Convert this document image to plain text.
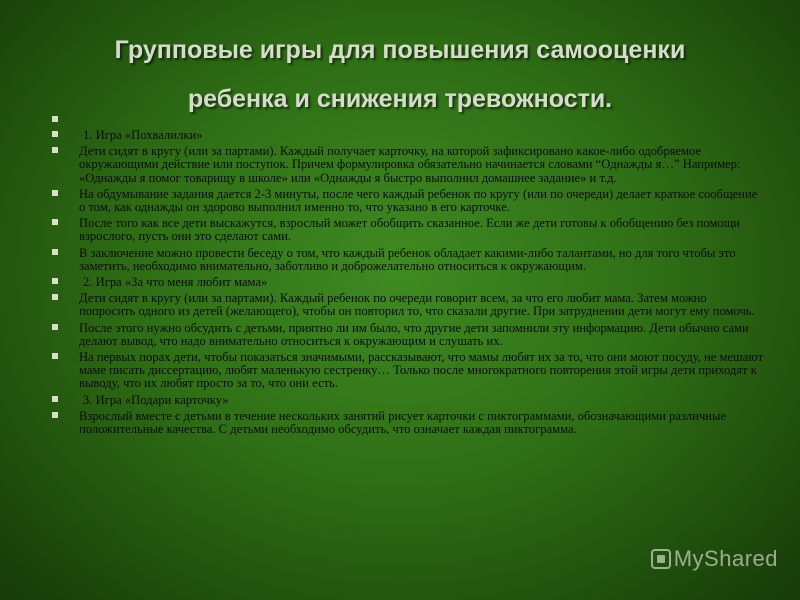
Групповые игры для повышения самооценки
ребенка и снижения тревожности.
1. Игра «Похвалилки»
Дети сидят в кругу (или за партами). Каждый получает карточку, на которой зафиксировано какое-либо одобряемое окружающими действие или поступок. Причем формулировка обязательно начинается словами “Однажды я…” Например: «Однажды я помог товарищу в школе» или «Однажды я быстро выполнил домашнее задание» и т.д.
На обдумывание задания дается 2-3 минуты, после чего каждый ребенок по кругу (или по очереди) делает краткое сообщение о том, как однажды он здорово выполнил именно то, что указано в его карточке.
После того как все дети выскажутся, взрослый может обобщить сказанное. Если же дети готовы к обобщению без помощи взрослого, пусть они это сделают сами.
В заключение можно провести беседу о том, что каждый ребенок обладает какими-либо талантами, но для того чтобы это заметить, необходимо внимательно, заботливо и доброжелательно относиться к окружающим.
2. Игра «За что меня любит мама»
Дети сидят в кругу (или за партами). Каждый ребенок по очереди говорит всем, за что его любит мама. Затем можно попросить одного из детей (желающего), чтобы он повторил то, что сказали другие. При затруднении дети могут ему помочь.
После этого нужно обсудить с детьми, приятно ли им было, что другие дети запомнили эту информацию. Дети обычно сами делают вывод, что надо внимательно относиться к окружающим и слушать их.
На первых порах дети, чтобы показаться значимыми, рассказывают, что мамы любят их за то, что они моют посуду, не мешают маме писать диссертацию, любят маленькую сестренку… Только после многократного повторения этой игры дети приходят к выводу, что их любят просто за то, что они есть.
3. Игра «Подари карточку»
Взрослый вместе с детьми в течение нескольких занятий рисует карточки с пиктограммами, обозначающими различные положительные качества. С детьми необходимо обсудить, что означает каждая пиктограмма.
MyShared
